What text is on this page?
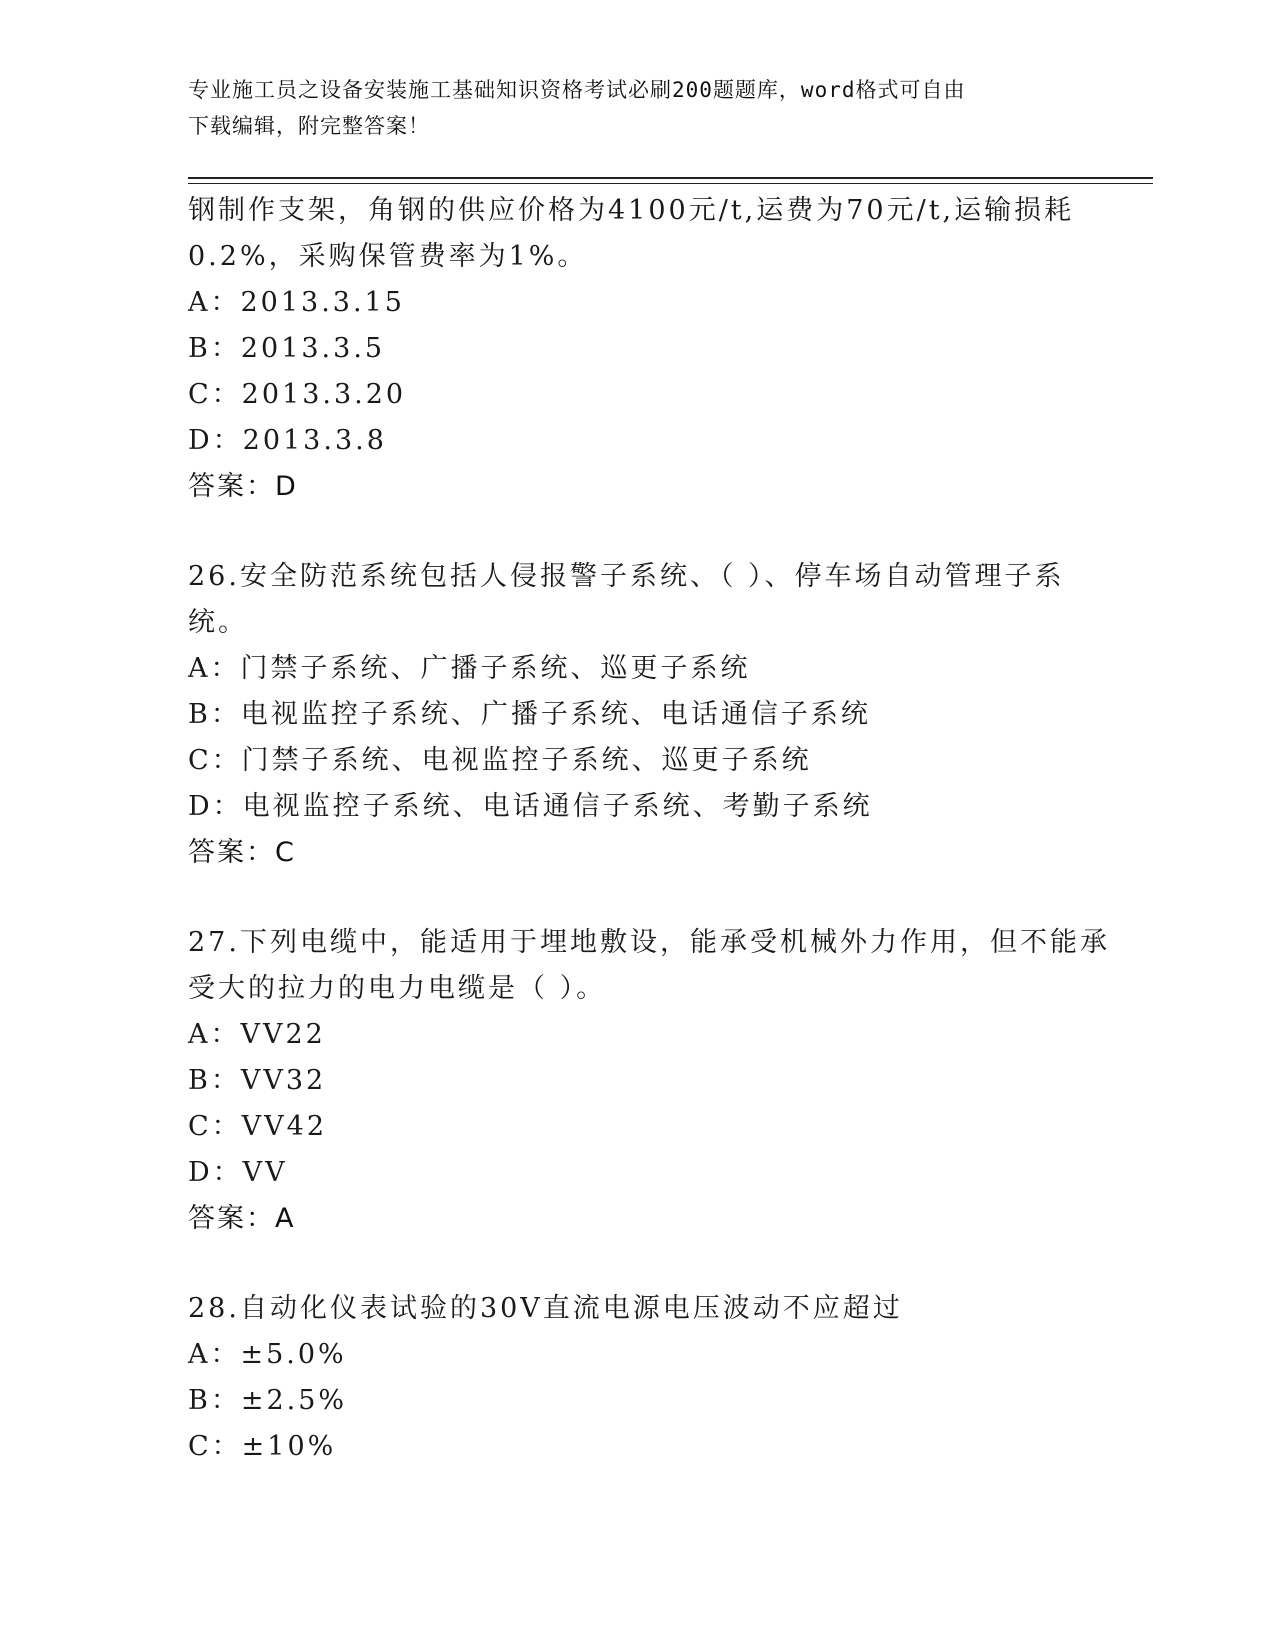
专业施工员之设备安装施工基础知识资格考试必刷200题题库，word格式可自由
下载编辑，附完整答案！
钢制作支架，角钢的供应价格为4100元/t,运费为70元/t,运输损耗
0.2%，采购保管费率为1%。
A：2013.3.15
B：2013.3.5
C：2013.3.20
D：2013.3.8
答案：D
26.安全防范系统包括人侵报警子系统、（ ）、停车场自动管理子系
统。
A：门禁子系统、广播子系统、巡更子系统
B：电视监控子系统、广播子系统、电话通信子系统
C：门禁子系统、电视监控子系统、巡更子系统
D：电视监控子系统、电话通信子系统、考勤子系统
答案：C
27.下列电缆中，能适用于埋地敷设，能承受机械外力作用，但不能承
受大的拉力的电力电缆是（ ）。
A：VV22
B：VV32
C：VV42
D：VV
答案：A
28.自动化仪表试验的30V直流电源电压波动不应超过
A：±5.0%
B：±2.5%
C：±10%
